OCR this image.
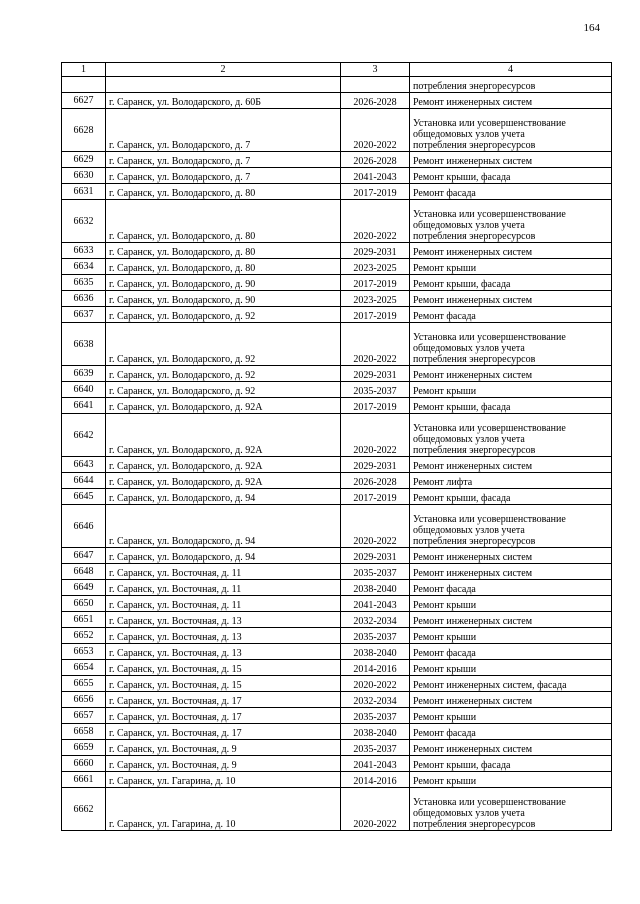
164
1	2	3	4

			потребления энергоресурсов

6627	г. Саранск, ул. Володарского, д. 60Б	2026-2028	Ремонт инженерных систем

6628	г. Саранск, ул. Володарского, д. 7	2020-2022	Установка или усовершенствование
общедомовых узлов учета
потребления энергоресурсов

6629	г. Саранск, ул. Володарского, д. 7	2026-2028	Ремонт инженерных систем

6630	г. Саранск, ул. Володарского, д. 7	2041-2043	Ремонт крыши, фасада

6631	г. Саранск, ул. Володарского, д. 80	2017-2019	Ремонт фасада

6632	г. Саранск, ул. Володарского, д. 80	2020-2022	Установка или усовершенствование
общедомовых узлов учета
потребления энергоресурсов

6633	г. Саранск, ул. Володарского, д. 80	2029-2031	Ремонт инженерных систем

6634	г. Саранск, ул. Володарского, д. 80	2023-2025	Ремонт крыши

6635	г. Саранск, ул. Володарского, д. 90	2017-2019	Ремонт крыши, фасада

6636	г. Саранск, ул. Володарского, д. 90	2023-2025	Ремонт инженерных систем

6637	г. Саранск, ул. Володарского, д. 92	2017-2019	Ремонт фасада

6638	г. Саранск, ул. Володарского, д. 92	2020-2022	Установка или усовершенствование
общедомовых узлов учета
потребления энергоресурсов

6639	г. Саранск, ул. Володарского, д. 92	2029-2031	Ремонт инженерных систем

6640	г. Саранск, ул. Володарского, д. 92	2035-2037	Ремонт крыши

6641	г. Саранск, ул. Володарского, д. 92А	2017-2019	Ремонт крыши, фасада

6642	г. Саранск, ул. Володарского, д. 92А	2020-2022	Установка или усовершенствование
общедомовых узлов учета
потребления энергоресурсов

6643	г. Саранск, ул. Володарского, д. 92А	2029-2031	Ремонт инженерных систем

6644	г. Саранск, ул. Володарского, д. 92А	2026-2028	Ремонт лифта

6645	г. Саранск, ул. Володарского, д. 94	2017-2019	Ремонт крыши, фасада

6646	г. Саранск, ул. Володарского, д. 94	2020-2022	Установка или усовершенствование
общедомовых узлов учета
потребления энергоресурсов

6647	г. Саранск, ул. Володарского, д. 94	2029-2031	Ремонт инженерных систем

6648	г. Саранск, ул. Восточная, д. 11	2035-2037	Ремонт инженерных систем

6649	г. Саранск, ул. Восточная, д. 11	2038-2040	Ремонт фасада

6650	г. Саранск, ул. Восточная, д. 11	2041-2043	Ремонт крыши

6651	г. Саранск, ул. Восточная, д. 13	2032-2034	Ремонт инженерных систем

6652	г. Саранск, ул. Восточная, д. 13	2035-2037	Ремонт крыши

6653	г. Саранск, ул. Восточная, д. 13	2038-2040	Ремонт фасада

6654	г. Саранск, ул. Восточная, д. 15	2014-2016	Ремонт крыши

6655	г. Саранск, ул. Восточная, д. 15	2020-2022	Ремонт инженерных систем, фасада

6656	г. Саранск, ул. Восточная, д. 17	2032-2034	Ремонт инженерных систем

6657	г. Саранск, ул. Восточная, д. 17	2035-2037	Ремонт крыши

6658	г. Саранск, ул. Восточная, д. 17	2038-2040	Ремонт фасада

6659	г. Саранск, ул. Восточная, д. 9	2035-2037	Ремонт инженерных систем

6660	г. Саранск, ул. Восточная, д. 9	2041-2043	Ремонт крыши, фасада

6661	г. Саранск, ул. Гагарина, д. 10	2014-2016	Ремонт крыши

6662	г. Саранск, ул. Гагарина, д. 10	2020-2022	Установка или усовершенствование
общедомовых узлов учета
потребления энергоресурсов
